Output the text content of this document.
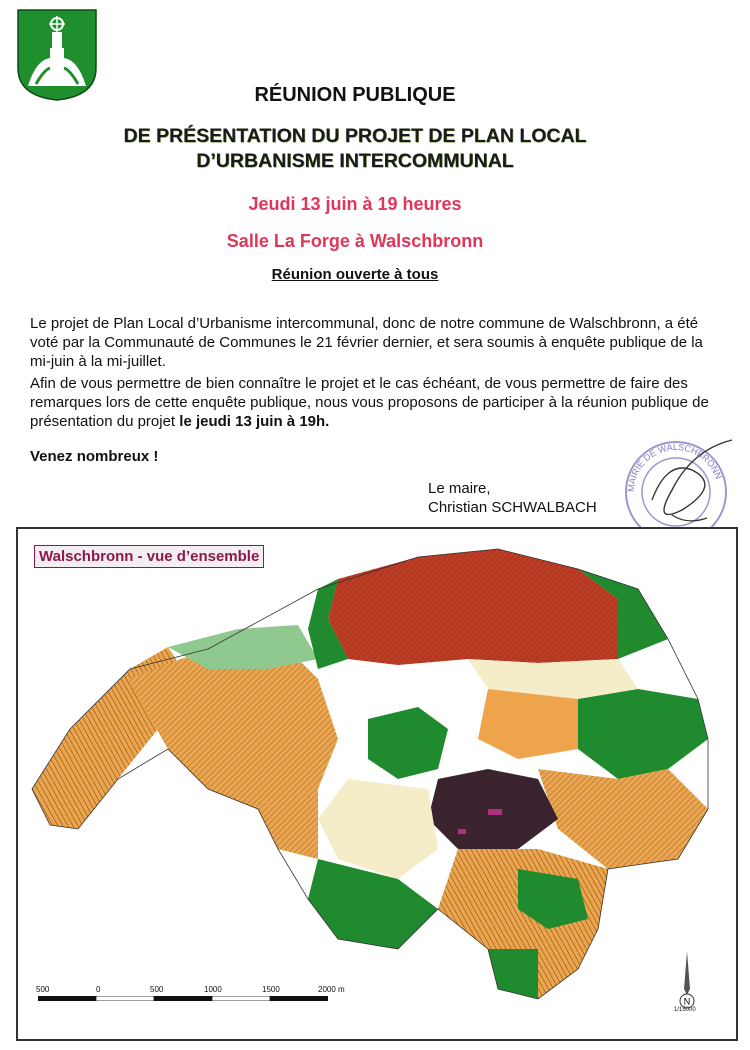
RÉUNION PUBLIQUE
DE PRÉSENTATION DU PROJET DE PLAN LOCAL
D’URBANISME INTERCOMMUNAL
Jeudi 13 juin à 19 heures
Salle La Forge à Walschbronn
Réunion ouverte à tous

Le projet de Plan Local d’Urbanisme intercommunal, donc de notre commune de Walschbronn, a été voté par la Communauté de Communes le 21 février dernier, et sera soumis à enquête publique de la mi-juin à la mi-juillet.

Afin de vous permettre de bien connaître le projet et le cas échéant, de vous permettre de faire des remarques lors de cette enquête publique, nous vous proposons de participer à la réunion publique de présentation du projet le jeudi 13 juin à 19h.

Venez nombreux !

Le maire,
Christian SCHWALBACH
MAIRIE DE WALSCHBRONN
Walschbronn - vue d’ensemble
500	0	500	1000	1500	2000 m
N
1/15000
